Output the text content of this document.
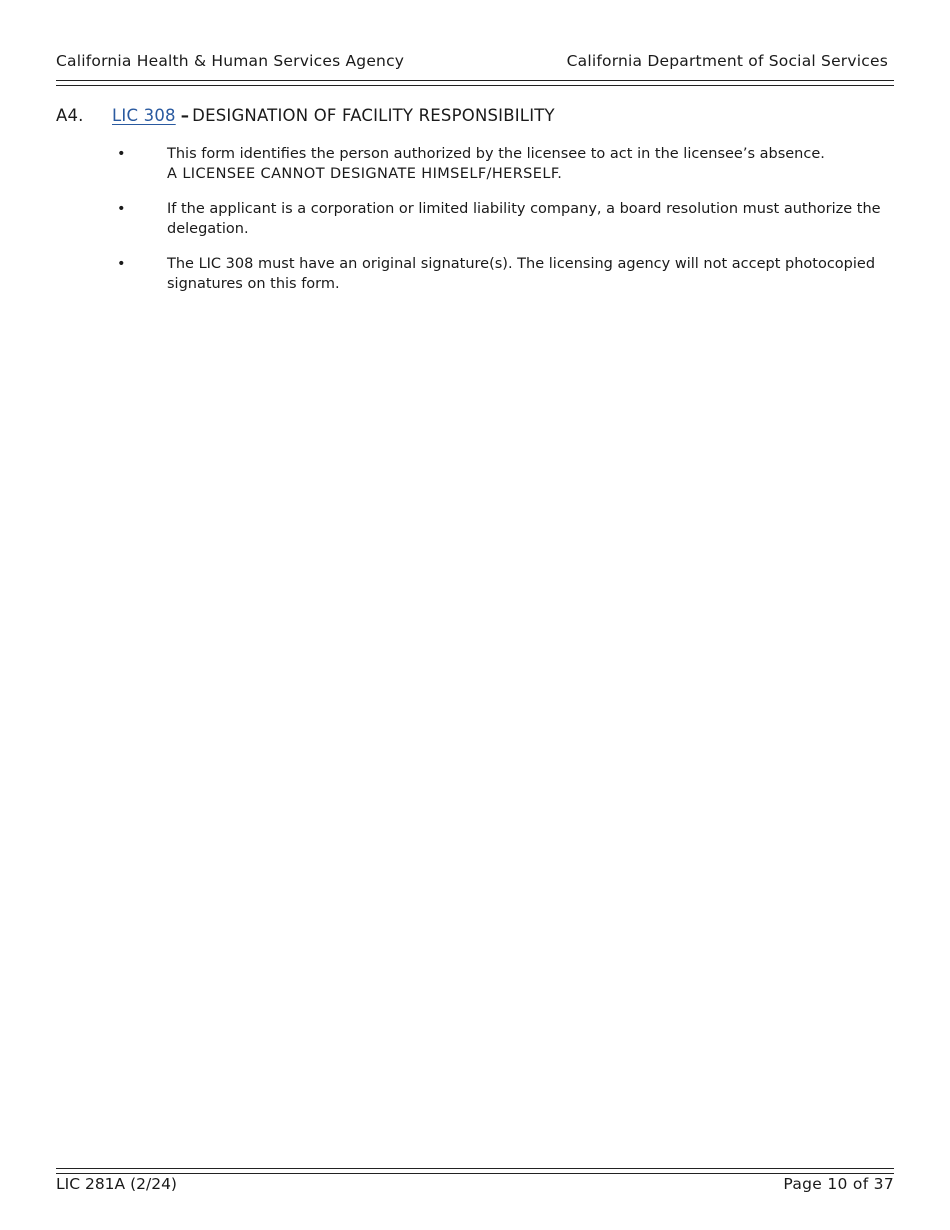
California Health & Human Services Agency	California Department of Social Services
A4. LIC 308 – DESIGNATION OF FACILITY RESPONSIBILITY
•	This form identifies the person authorized by the licensee to act in the licensee’s absence.
A LICENSEE CANNOT DESIGNATE HIMSELF/HERSELF.
•	If the applicant is a corporation or limited liability company, a board resolution must authorize the delegation.
•	The LIC 308 must have an original signature(s). The licensing agency will not accept photocopied signatures on this form.
LIC 281A (2/24)	Page 10 of 37
